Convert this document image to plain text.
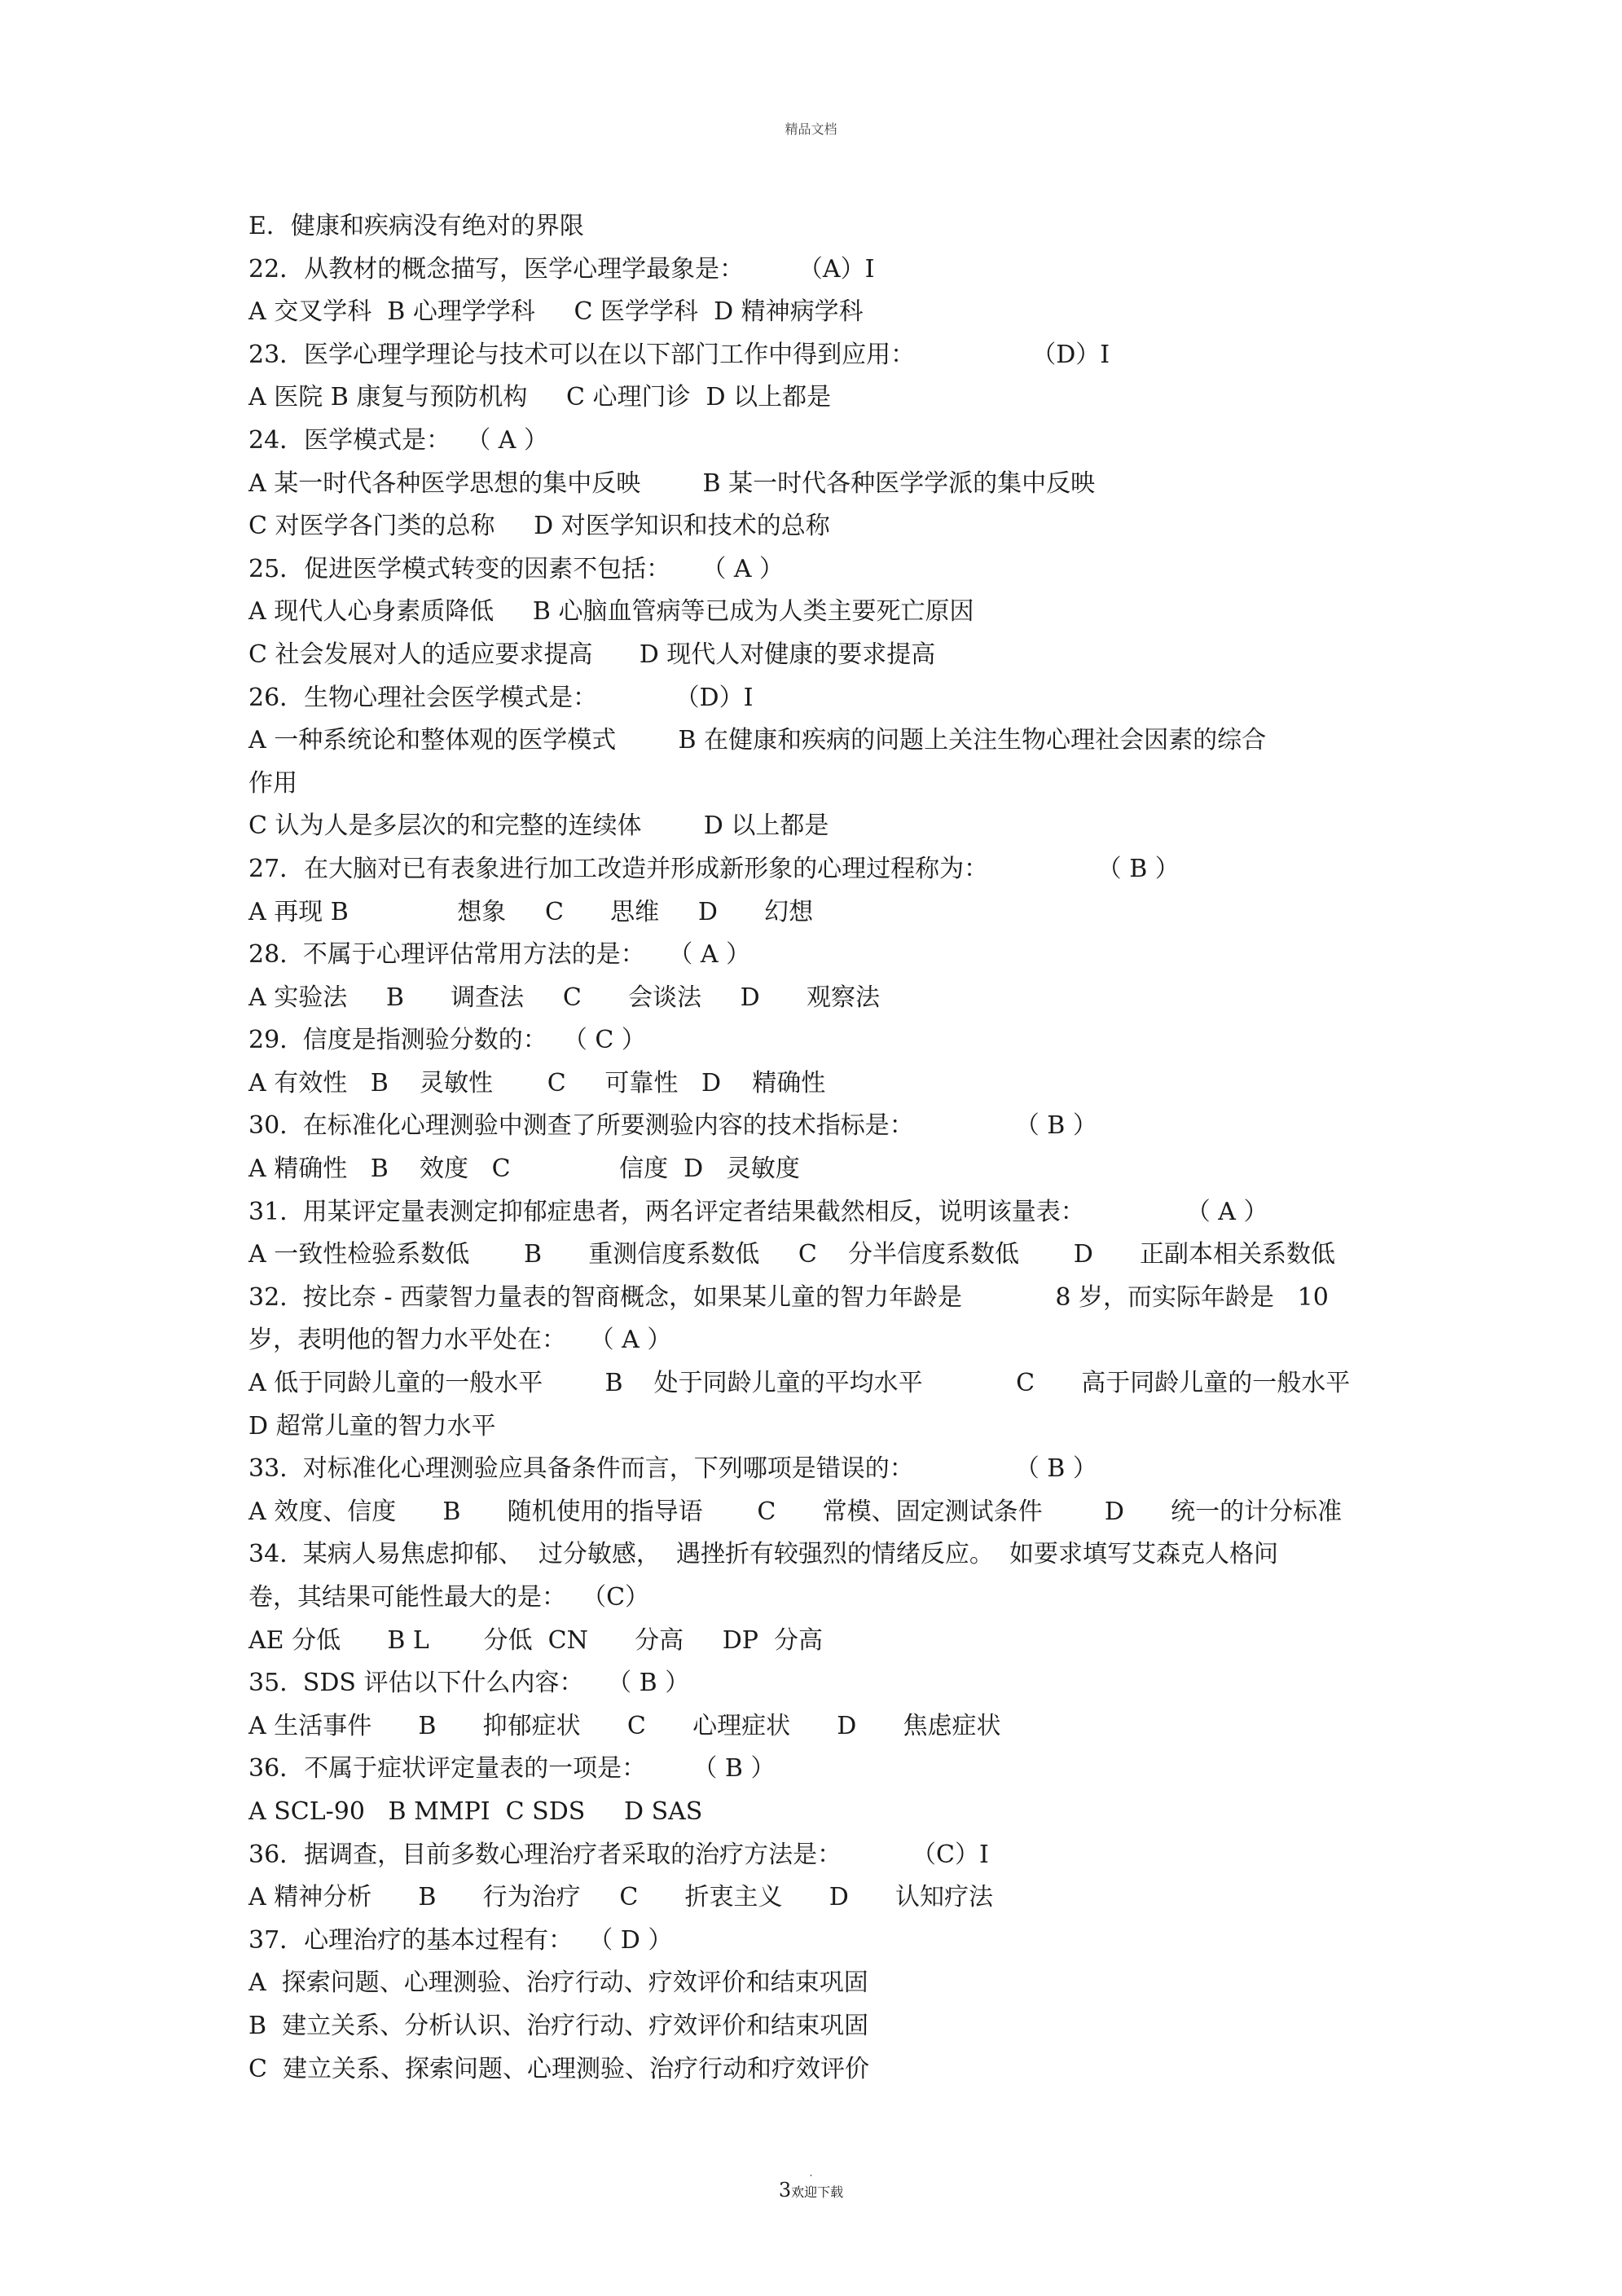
精品文档
E．健康和疾病没有绝对的界限
22．从教材的概念描写，医学心理学最象是：       （A）I
A 交叉学科  B 心理学学科     C 医学学科  D 精神病学科
23．医学心理学理论与技术可以在以下部门工作中得到应用：               （D）I
A 医院 B 康复与预防机构     C 心理门诊  D 以上都是
24．医学模式是：  （ A ）
A 某一时代各种医学思想的集中反映        B 某一时代各种医学学派的集中反映
C 对医学各门类的总称     D 对医学知识和技术的总称
25．促进医学模式转变的因素不包括：    （ A ）
A 现代人心身素质降低     B 心脑血管病等已成为人类主要死亡原因
C 社会发展对人的适应要求提高      D 现代人对健康的要求提高
26．生物心理社会医学模式是：          （D）I
A 一种系统论和整体观的医学模式        B 在健康和疾病的问题上关注生物心理社会因素的综合
作用
C 认为人是多层次的和完整的连续体        D 以上都是
27．在大脑对已有表象进行加工改造并形成新形象的心理过程称为：              （ B ）
A 再现 B              想象     C      思维     D      幻想
28.  不属于心理评估常用方法的是：   （ A ）
A 实验法     B      调查法     C      会谈法     D      观察法
29.  信度是指测验分数的：  （ C ）
A 有效性   B    灵敏性       C     可靠性   D    精确性
30.  在标准化心理测验中测查了所要测验内容的技术指标是：             （ B ）
A 精确性   B    效度   C              信度  D   灵敏度
31.  用某评定量表测定抑郁症患者，两名评定者结果截然相反，说明该量表：             （ A ）
A 一致性检验系数低       B      重测信度系数低     C    分半信度系数低       D      正副本相关系数低
32.  按比奈 - 西蒙智力量表的智商概念，如果某儿童的智力年龄是            8 岁，而实际年龄是   10
岁，表明他的智力水平处在：   （ A ）
A 低于同龄儿童的一般水平        B    处于同龄儿童的平均水平            C      高于同龄儿童的一般水平
D 超常儿童的智力水平
33.  对标准化心理测验应具备条件而言，下列哪项是错误的：             （ B ）
A 效度、信度      B      随机使用的指导语       C      常模、固定测试条件        D      统一的计分标准
34.  某病人易焦虑抑郁、  过分敏感，  遇挫折有较强烈的情绪反应。  如要求填写艾森克人格问
卷，其结果可能性最大的是：  （C）
AE 分低      B L       分低  CN      分高     DP  分高
35.  SDS 评估以下什么内容：   （ B ）
A 生活事件      B      抑郁症状      C      心理症状      D      焦虑症状
36．不属于症状评定量表的一项是：      （ B ）
A SCL-90   B MMPI  C SDS     D SAS
36．据调查，目前多数心理治疗者采取的治疗方法是：         （C）I
A 精神分析      B      行为治疗     C      折衷主义      D      认知疗法
37．心理治疗的基本过程有：  （ D ）
A  探索问题、心理测验、治疗行动、疗效评价和结束巩固
B  建立关系、分析认识、治疗行动、疗效评价和结束巩固
C  建立关系、探索问题、心理测验、治疗行动和疗效评价
.
3欢迎下载
